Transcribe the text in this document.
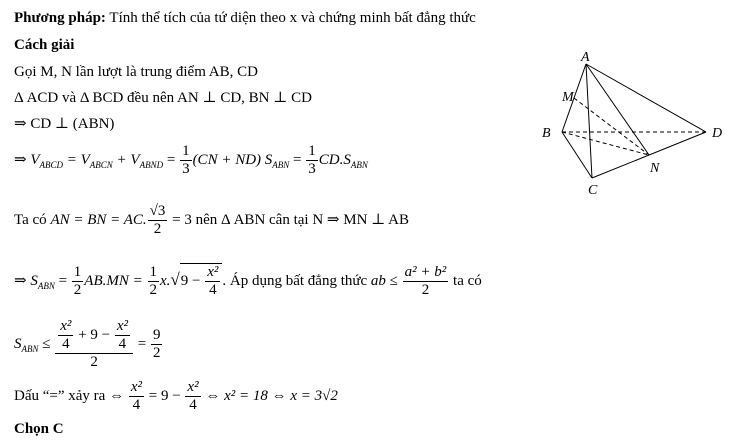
Phương pháp: Tính thể tích của tứ diện theo x và chứng minh bất đẳng thức
Cách giải
Gọi M, N lần lượt là trung điểm AB, CD
Δ ACD và Δ BCD đều nên AN ⊥ CD, BN ⊥ CD
⇒ CD ⊥ (ABN)
⇒ $V_{ABCD} = V_{ABCN} + V_{ABND} = \frac{1}{3} (CN + ND) S_{ABN} = \frac{1}{3} CD.S_{ABN}$
Ta có AN = BN = AC. $\frac{√3}{2} = 3$ nên Δ ABN cân tại N ⇒ MN ⊥ AB
⇒ $S_{ABN} = \frac{1}{2} AB.MN = \frac{1}{2} x.√9 - \frac{\text{x²}}{4}$ . Áp dụng bất đẳng thức ab ≤ $\frac{\text{a² + b²}}{2}$ ta có
$S_{ABN} \le \frac{\frac{\text{x²}}{4} + 9 - \frac{\text{x²}}{4}}{2} = \frac{9}{2}$
Dấu “=” xảy ra ⇔ $\frac{\text{x²}}{4} = 9 - \frac{\text{x²}}{4}$ ⇔ x² = 18 ⇔ x = 3√2
Chọn C
A
M
B	D
N
C
